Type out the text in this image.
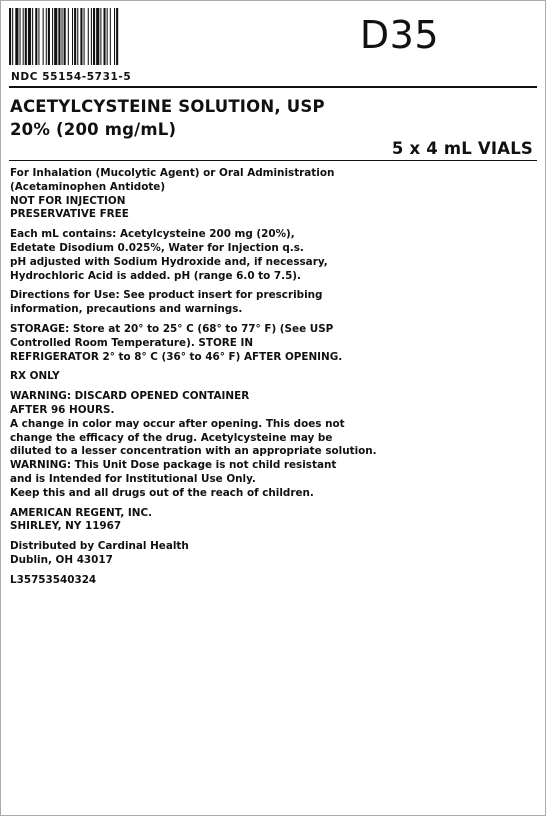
NDC 55154-5731-5
D35
ACETYLCYSTEINE SOLUTION, USP
20% (200 mg/mL)
5 x 4 mL VIALS
For Inhalation (Mucolytic Agent) or Oral Administration
(Acetaminophen Antidote)
NOT FOR INJECTION
PRESERVATIVE FREE
Each mL contains: Acetylcysteine 200 mg (20%),
Edetate Disodium 0.025%, Water for Injection q.s.
pH adjusted with Sodium Hydroxide and, if necessary,
Hydrochloric Acid is added. pH (range 6.0 to 7.5).
Directions for Use: See product insert for prescribing
information, precautions and warnings.
STORAGE: Store at 20° to 25° C (68° to 77° F) (See USP
Controlled Room Temperature). STORE IN
REFRIGERATOR 2° to 8° C (36° to 46° F) AFTER OPENING.
RX ONLY
WARNING: DISCARD OPENED CONTAINER
AFTER 96 HOURS.
A change in color may occur after opening. This does not
change the efficacy of the drug. Acetylcysteine may be
diluted to a lesser concentration with an appropriate solution.
WARNING: This Unit Dose package is not child resistant
and is Intended for Institutional Use Only.
Keep this and all drugs out of the reach of children.
AMERICAN REGENT, INC.
SHIRLEY, NY 11967
Distributed by Cardinal Health
Dublin, OH 43017
L35753540324
